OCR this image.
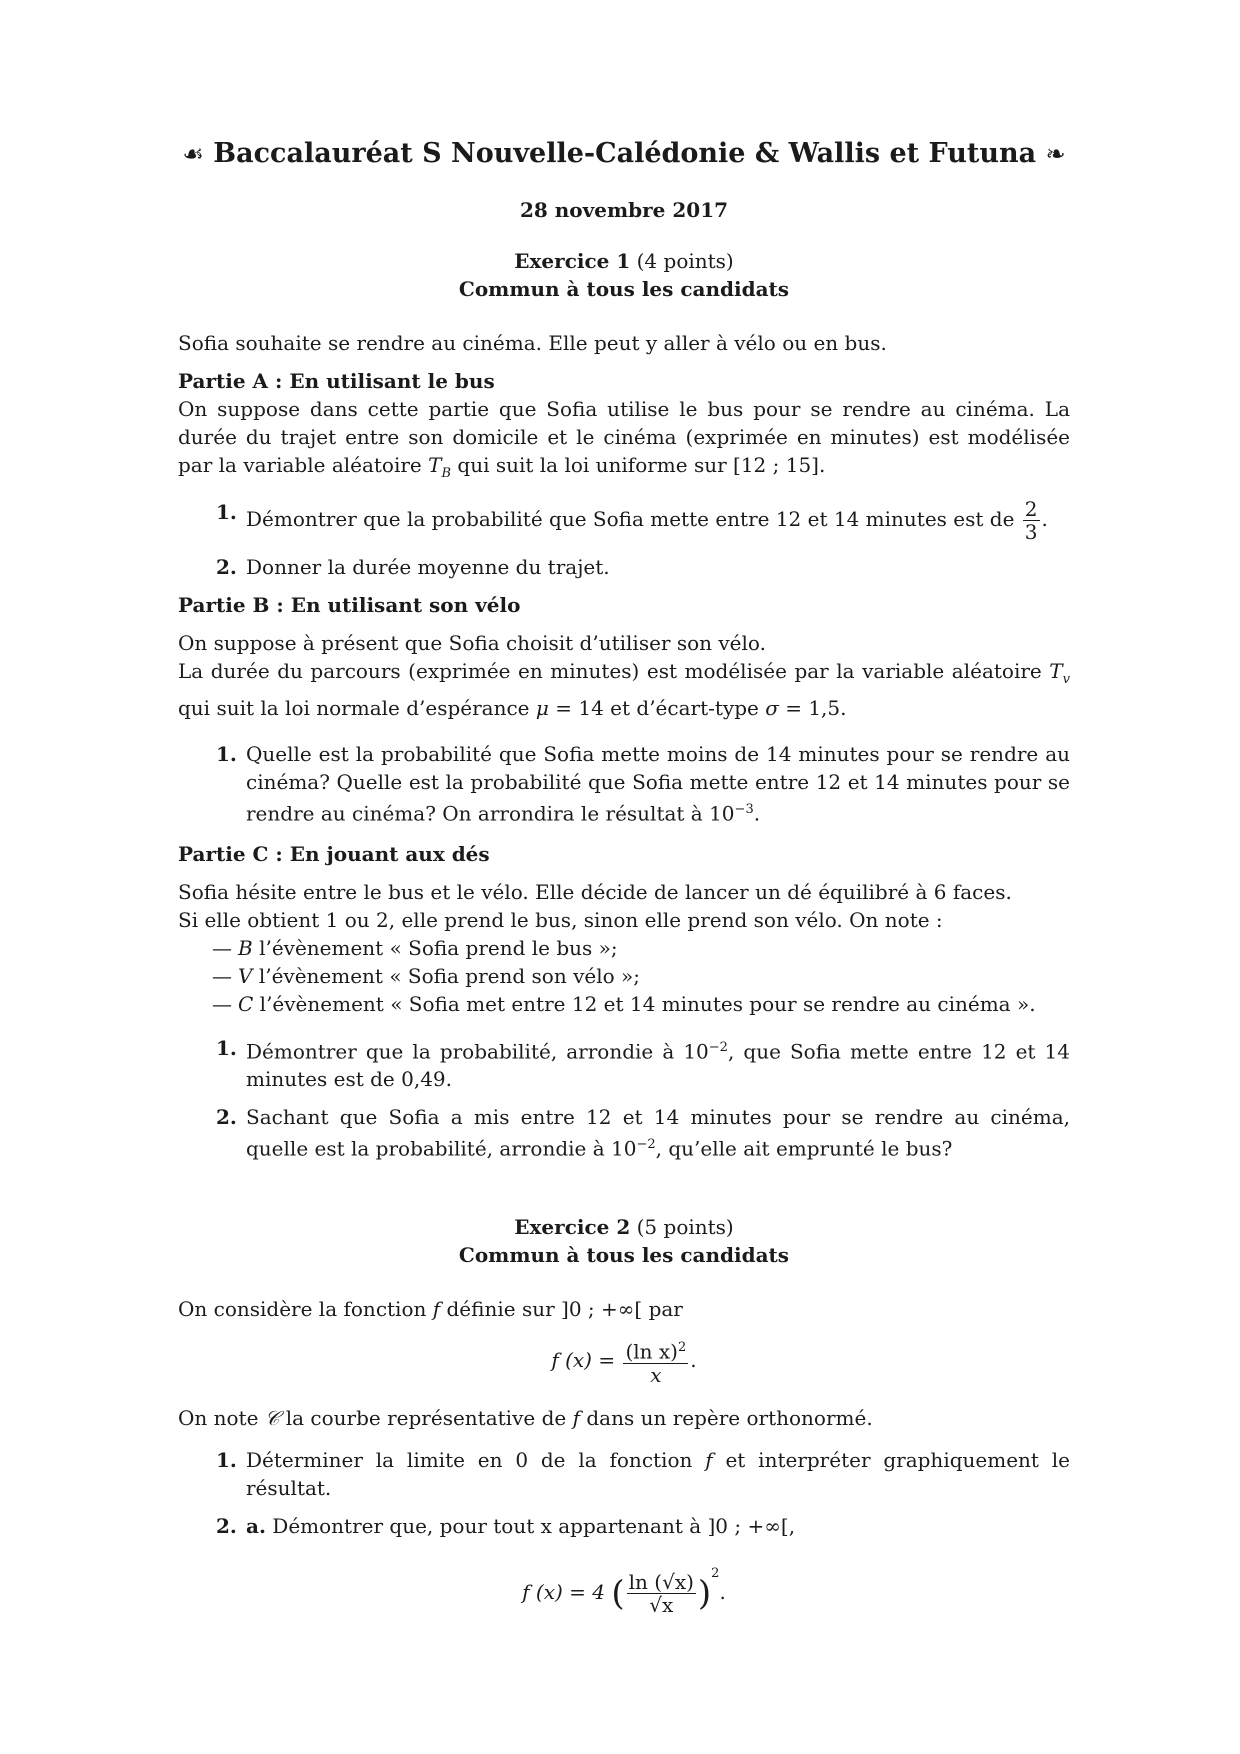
☙ Baccalauréat S Nouvelle-Calédonie & Wallis et Futuna ❧
28 novembre 2017
Exercice 1 (4 points)
Commun à tous les candidats

Sofia souhaite se rendre au cinéma. Elle peut y aller à vélo ou en bus.

Partie A : En utilisant le bus

On suppose dans cette partie que Sofia utilise le bus pour se rendre au cinéma. La durée du trajet entre son domicile et le cinéma (exprimée en minutes) est modélisée par la variable aléatoire $T_B$ qui suit la loi uniforme sur [12 ; 15].

1. Démontrer que la probabilité que Sofia mette entre 12 et 14 minutes est de $\frac{2}{3}$ .
2. Donner la durée moyenne du trajet.

Partie B : En utilisant son vélo

On suppose à présent que Sofia choisit d’utiliser son vélo.

La durée du parcours (exprimée en minutes) est modélisée par la variable aléatoire $T_v$ qui suit la loi normale d’espérance μ = 14 et d’écart-type σ = 1,5.

1. Quelle est la probabilité que Sofia mette moins de 14 minutes pour se rendre au cinéma? Quelle est la probabilité que Sofia mette entre 12 et 14 minutes pour se rendre au cinéma? On arrondira le résultat à $10^{-3}$.

Partie C : En jouant aux dés

Sofia hésite entre le bus et le vélo. Elle décide de lancer un dé équilibré à 6 faces.

Si elle obtient 1 ou 2, elle prend le bus, sinon elle prend son vélo. On note :

— B l’évènement « Sofia prend le bus »;
— V l’évènement « Sofia prend son vélo »;
— C l’évènement « Sofia met entre 12 et 14 minutes pour se rendre au cinéma ».
1. Démontrer que la probabilité, arrondie à $10^{-2}$, que Sofia mette entre 12 et 14 minutes est de 0,49.
2. Sachant que Sofia a mis entre 12 et 14 minutes pour se rendre au cinéma, quelle est la probabilité, arrondie à $10^{-2}$, qu’elle ait emprunté le bus?
Exercice 2 (5 points)
Commun à tous les candidats

On considère la fonction f définie sur ]0 ; +∞[ par

f $(x) = \frac{(\ln x)^2}{x}$ .

On note 𝒞 la courbe représentative de f dans un repère orthonormé.

1. Déterminer la limite en 0 de la fonction f et interpréter graphiquement le résultat.
2. a. Démontrer que, pour tout x appartenant à ]0 ; +∞[,
f (x) = 4 ( $\frac{\ln (√x)}{√x} )^2$.
